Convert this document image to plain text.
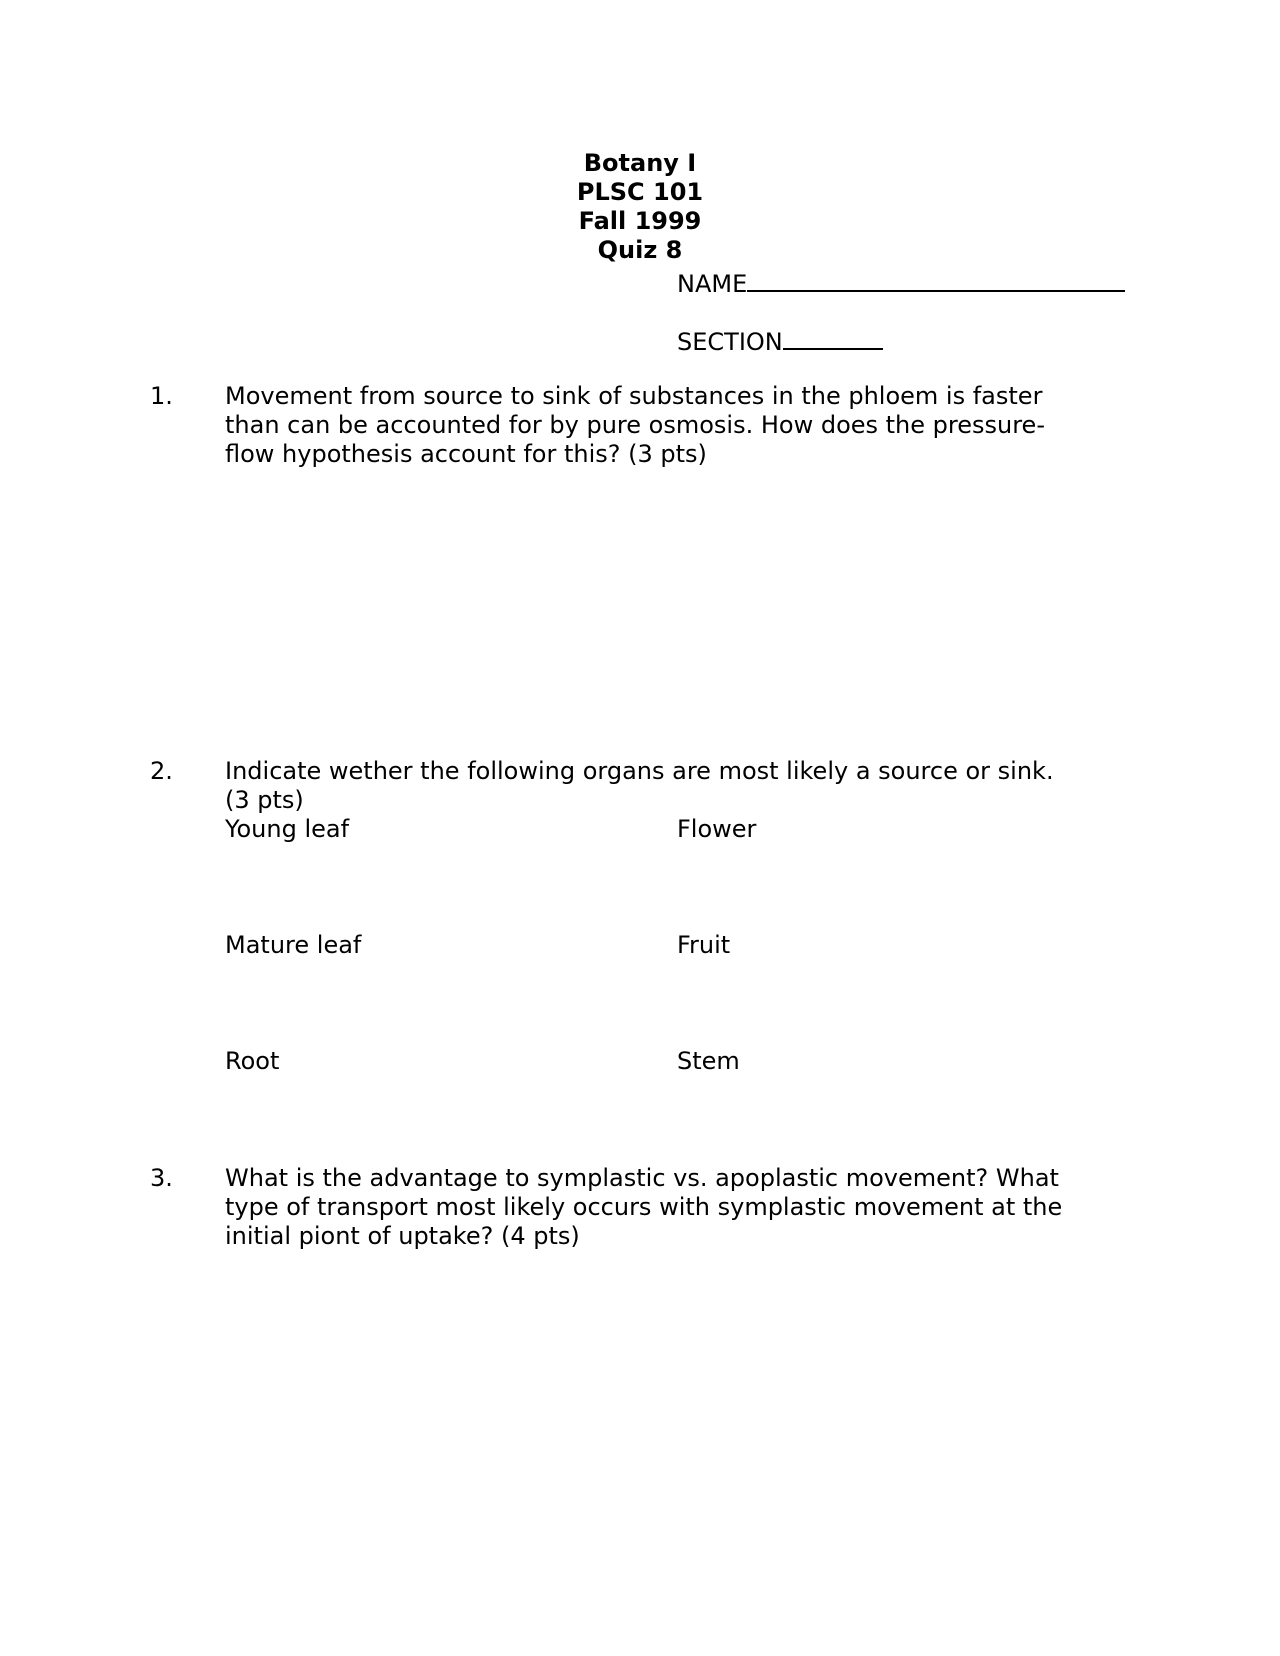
Botany I
PLSC 101
Fall 1999
Quiz 8
NAME
SECTION
1. Movement from source to sink of substances in the phloem is faster
than can be accounted for by pure osmosis. How does the pressure-
flow hypothesis account for this? (3 pts)
2. Indicate wether the following organs are most likely a source or sink.
(3 pts)
Young leaf	Flower
Mature leaf	Fruit
Root	Stem
3. What is the advantage to symplastic vs. apoplastic movement? What
type of transport most likely occurs with symplastic movement at the
initial piont of uptake? (4 pts)
